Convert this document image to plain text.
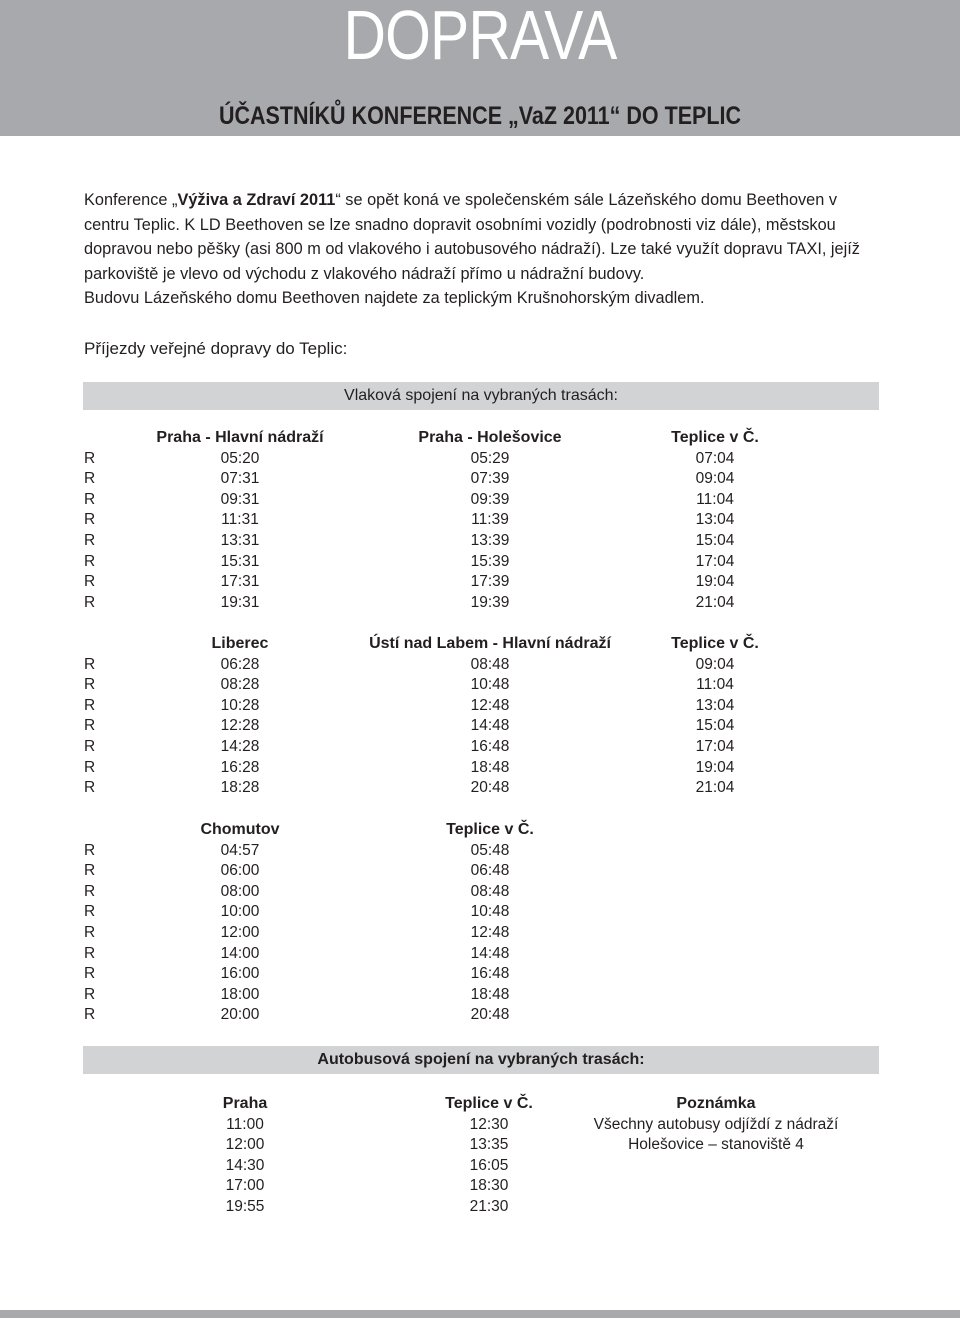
DOPRAVA
ÚČASTNÍKŮ KONFERENCE „VaZ 2011“ DO TEPLIC

Konference „Výživa a Zdraví 2011“ se opět koná ve společenském sále Lázeňského domu Beethoven v centru Teplic. K LD Beethoven se lze snadno dopravit osobními vozidly (podrobnosti viz dále), městskou dopravou nebo pěšky (asi 800 m od vlakového i autobusového nádraží). Lze také využít dopravu TAXI, jejíž parkoviště je vlevo od východu z vlakového nádraží přímo u nádražní budovy.

Budovu Lázeňského domu Beethoven najdete za teplickým Krušnohorským divadlem.

Příjezdy veřejné dopravy do Teplic:
Vlaková spojení na vybraných trasách:
Praha - Hlavní nádraží	Praha - Holešovice	Teplice v Č.
R	05:20	05:29	07:04
R	07:31	07:39	09:04
R	09:31	09:39	11:04
R	11:31	11:39	13:04
R	13:31	13:39	15:04
R	15:31	15:39	17:04
R	17:31	17:39	19:04
R	19:31	19:39	21:04
Liberec	Ústí nad Labem - Hlavní nádraží	Teplice v Č.
R	06:28	08:48	09:04
R	08:28	10:48	11:04
R	10:28	12:48	13:04
R	12:28	14:48	15:04
R	14:28	16:48	17:04
R	16:28	18:48	19:04
R	18:28	20:48	21:04
Chomutov	Teplice v Č.
R	04:57	05:48
R	06:00	06:48
R	08:00	08:48
R	10:00	10:48
R	12:00	12:48
R	14:00	14:48
R	16:00	16:48
R	18:00	18:48
R	20:00	20:48
Autobusová spojení na vybraných trasách:
Praha	Teplice v Č.	Poznámka
11:00	12:30	Všechny autobusy odjíždí z nádraží
12:00	13:35	Holešovice – stanoviště 4
14:30	16:05
17:00	18:30
19:55	21:30
